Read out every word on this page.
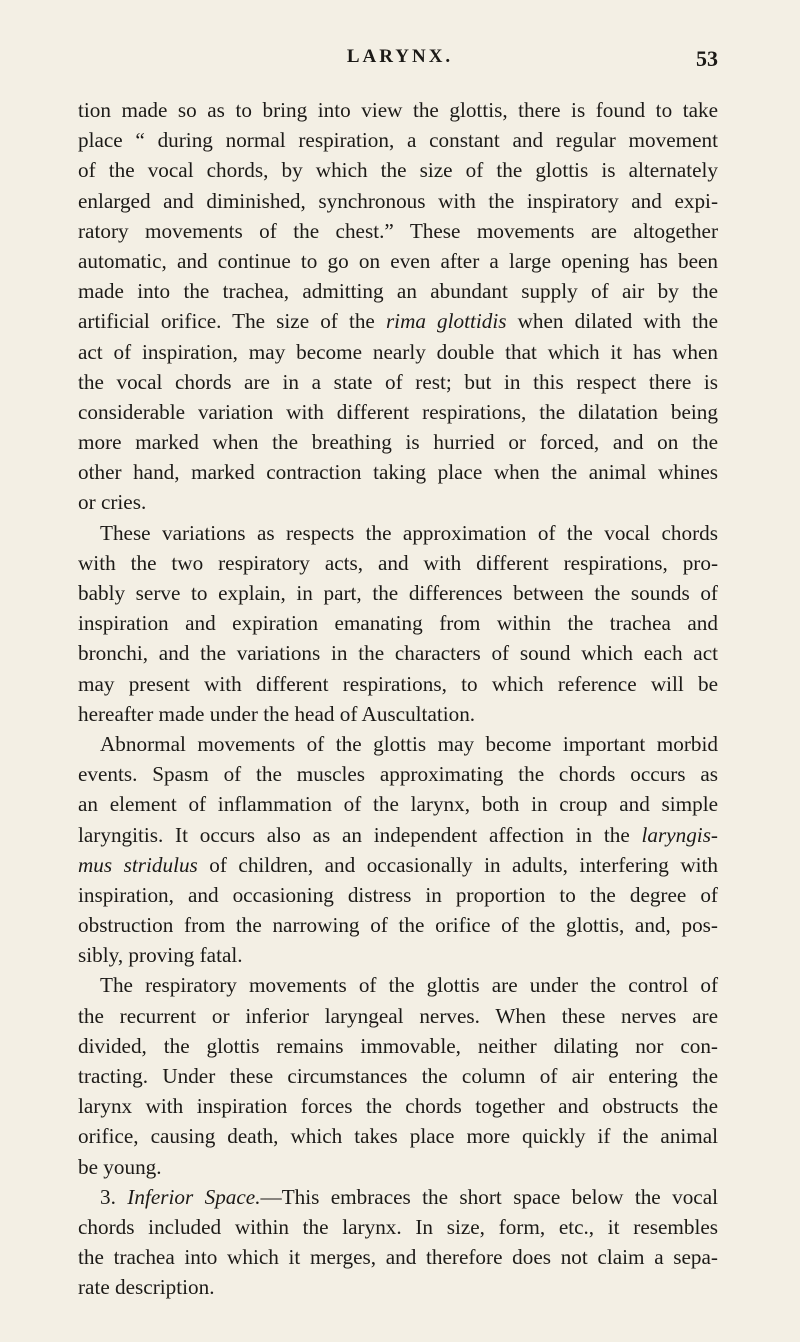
LARYNX.	53
tion made so as to bring into view the glottis, there is found to take
place “ during normal respiration, a constant and regular movement
of the vocal chords, by which the size of the glottis is alternately
enlarged and diminished, synchronous with the inspiratory and expi-
ratory movements of the chest.” These movements are altogether
automatic, and continue to go on even after a large opening has been
made into the trachea, admitting an abundant supply of air by the
artificial orifice. The size of the rima glottidis when dilated with the
act of inspiration, may become nearly double that which it has when
the vocal chords are in a state of rest; but in this respect there is
considerable variation with different respirations, the dilatation being
more marked when the breathing is hurried or forced, and on the
other hand, marked contraction taking place when the animal whines
or cries.
These variations as respects the approximation of the vocal chords
with the two respiratory acts, and with different respirations, pro-
bably serve to explain, in part, the differences between the sounds of
inspiration and expiration emanating from within the trachea and
bronchi, and the variations in the characters of sound which each act
may present with different respirations, to which reference will be
hereafter made under the head of Auscultation.
Abnormal movements of the glottis may become important morbid
events. Spasm of the muscles approximating the chords occurs as
an element of inflammation of the larynx, both in croup and simple
laryngitis. It occurs also as an independent affection in the laryngis-
mus stridulus of children, and occasionally in adults, interfering with
inspiration, and occasioning distress in proportion to the degree of
obstruction from the narrowing of the orifice of the glottis, and, pos-
sibly, proving fatal.
The respiratory movements of the glottis are under the control of
the recurrent or inferior laryngeal nerves. When these nerves are
divided, the glottis remains immovable, neither dilating nor con-
tracting. Under these circumstances the column of air entering the
larynx with inspiration forces the chords together and obstructs the
orifice, causing death, which takes place more quickly if the animal
be young.
3. Inferior Space.—This embraces the short space below the vocal
chords included within the larynx. In size, form, etc., it resembles
the trachea into which it merges, and therefore does not claim a sepa-
rate description.
